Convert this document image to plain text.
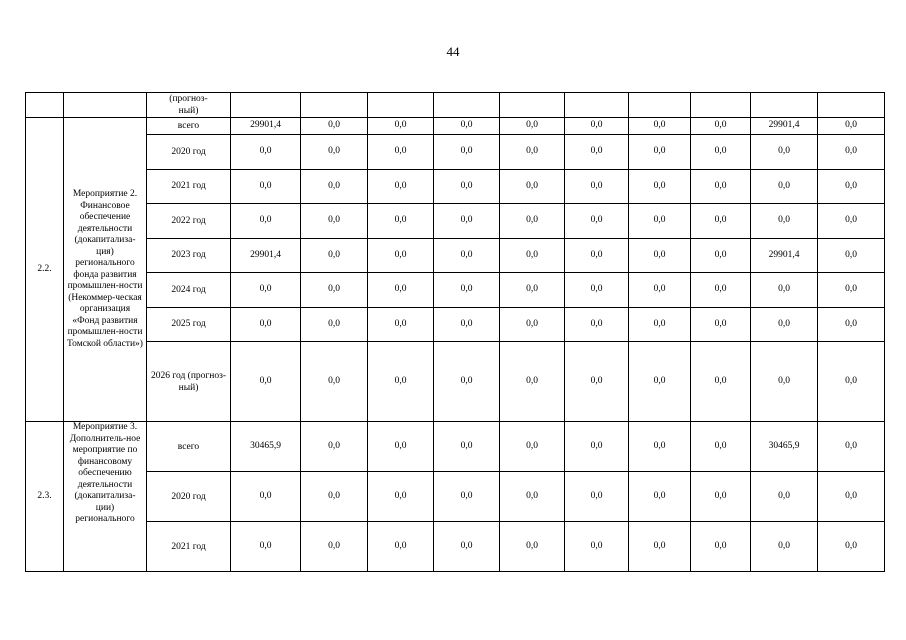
44
		(прогноз-
ный)										
2.2.	Мероприятие 2. Финансовое обеспечение деятельности (докапитализа-ция) регионального фонда развития промышлен-ности (Некоммер-ческая организация «Фонд развития промышлен-ности Томской области»)	всего	29901,4	0,0	0,0	0,0	0,0	0,0	0,0	0,0	29901,4	0,0
		2020 год	0,0	0,0	0,0	0,0	0,0	0,0	0,0	0,0	0,0	0,0
		2021 год	0,0	0,0	0,0	0,0	0,0	0,0	0,0	0,0	0,0	0,0
		2022 год	0,0	0,0	0,0	0,0	0,0	0,0	0,0	0,0	0,0	0,0
		2023 год	29901,4	0,0	0,0	0,0	0,0	0,0	0,0	0,0	29901,4	0,0
		2024 год	0,0	0,0	0,0	0,0	0,0	0,0	0,0	0,0	0,0	0,0
		2025 год	0,0	0,0	0,0	0,0	0,0	0,0	0,0	0,0	0,0	0,0
		2026 год (прогноз-ный)	0,0	0,0	0,0	0,0	0,0	0,0	0,0	0,0	0,0	0,0
2.3.	Мероприятие 3. Дополнитель-ное мероприятие по финансовому обеспечению деятельности (докапитализа-ции) регионального	всего	30465,9	0,0	0,0	0,0	0,0	0,0	0,0	0,0	30465,9	0,0
		2020 год	0,0	0,0	0,0	0,0	0,0	0,0	0,0	0,0	0,0	0,0
		2021 год	0,0	0,0	0,0	0,0	0,0	0,0	0,0	0,0	0,0	0,0
